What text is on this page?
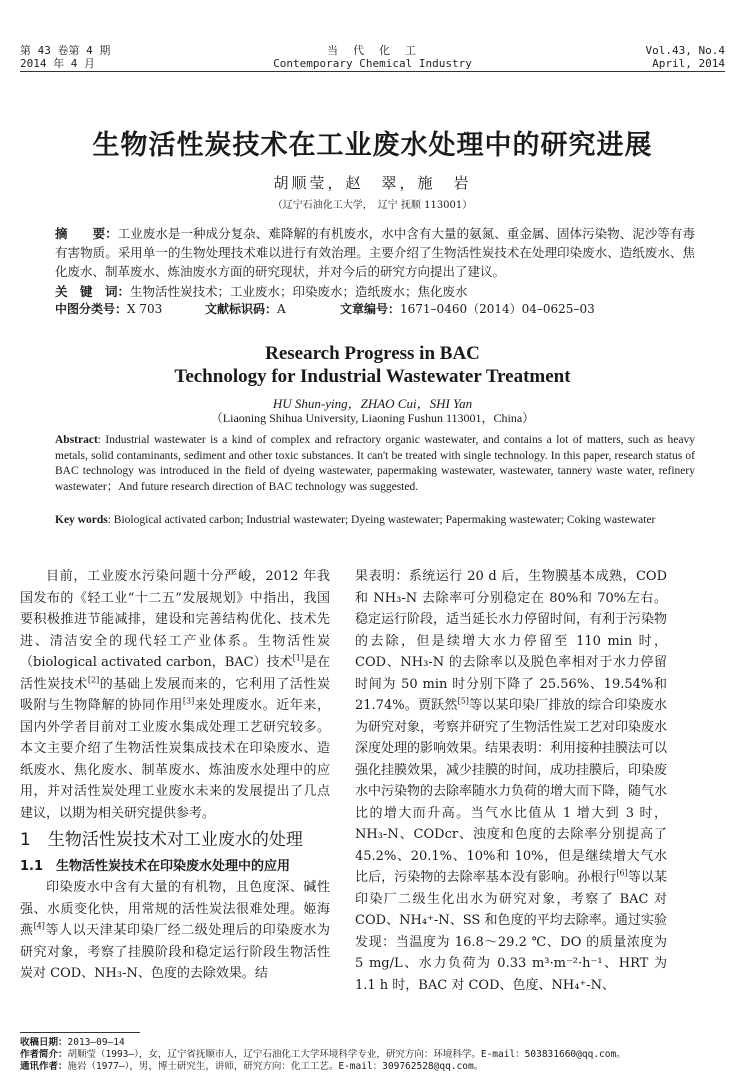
第 43 卷第 4 期
2014 年 4 月
当　代　化　工
Contemporary Chemical Industry
Vol.43, No.4
April, 2014
生物活性炭技术在工业废水处理中的研究进展
胡顺莹，赵　翠，施　岩
（辽宁石油化工大学，　辽宁 抚顺 113001）
摘　　要：工业废水是一种成分复杂、难降解的有机废水，水中含有大量的氨氮、重金属、固体污染物、泥沙等有毒有害物质。采用单一的生物处理技术难以进行有效治理。主要介绍了生物活性炭技术在处理印染废水、造纸废水、焦化废水、制革废水、炼油废水方面的研究现状，并对今后的研究方向提出了建议。
关　键　词：生物活性炭技术；工业废水；印染废水；造纸废水；焦化废水
中图分类号：X 703	文献标识码：A	文章编号：1671–0460（2014）04–0625–03
Research Progress in BAC
Technology for Industrial Wastewater Treatment
HU Shun-ying，ZHAO Cui，SHI Yan
（Liaoning Shihua University, Liaoning Fushun 113001，China）
Abstract: Industrial wastewater is a kind of complex and refractory organic wastewater, and contains a lot of matters, such as heavy metals, solid contaminants, sediment and other toxic substances. It can't be treated with single technology. In this paper, research status of BAC technology was introduced in the field of dyeing wastewater, papermaking wastewater, wastewater, tannery waste water, refinery wastewater；And future research direction of BAC technology was suggested.
Key words: Biological activated carbon; Industrial wastewater; Dyeing wastewater; Papermaking wastewater; Coking wastewater

目前，工业废水污染问题十分严峻，2012 年我国发布的《轻工业“十二五”发展规划》中指出，我国要积极推进节能减排，建设和完善结构优化、技术先进、清洁安全的现代轻工产业体系。生物活性炭（biological activated carbon，BAC）技术[1]是在活性炭技术[2]的基础上发展而来的，它利用了活性炭吸附与生物降解的协同作用[3]来处理废水。近年来，国内外学者目前对工业废水集成处理工艺研究较多。本文主要介绍了生物活性炭集成技术在印染废水、造纸废水、焦化废水、制革废水、炼油废水处理中的应用，并对活性炭处理工业废水未来的发展提出了几点建议，以期为相关研究提供参考。

1　生物活性炭技术对工业废水的处理

1.1　生物活性炭技术在印染废水处理中的应用

印染废水中含有大量的有机物，且色度深、碱性强、水质变化快，用常规的活性炭法很难处理。姬海燕[4]等人以天津某印染厂经二级处理后的印染废水为研究对象，考察了挂膜阶段和稳定运行阶段生物活性炭对 COD、NH₃-N、色度的去除效果。结

果表明：系统运行 20 d 后，生物膜基本成熟，COD 和 NH₃-N 去除率可分别稳定在 80%和 70%左右。稳定运行阶段，适当延长水力停留时间，有利于污染物的去除，但是续增大水力停留至 110 min 时，COD、NH₃-N 的去除率以及脱色率相对于水力停留时间为 50 min 时分别下降了 25.56%、19.54%和 21.74%。贾跃然[5]等以某印染厂排放的综合印染废水为研究对象，考察并研究了生物活性炭工艺对印染废水深度处理的影响效果。结果表明：利用接种挂膜法可以强化挂膜效果，减少挂膜的时间，成功挂膜后，印染废水中污染物的去除率随水力负荷的增大而下降，随气水比的增大而升高。当气水比值从 1 增大到 3 时，NH₃-N、CODcr、浊度和色度的去除率分别提高了 45.2%、20.1%、10%和 10%，但是继续增大气水比后，污染物的去除率基本没有影响。孙根行[6]等以某印染厂二级生化出水为研究对象，考察了 BAC 对 COD、NH₄⁺-N、SS 和色度的平均去除率。通过实验发现：当温度为 16.8～29.2 ℃、DO 的质量浓度为 5 mg/L、水力负荷为 0.33 m³·m⁻²·h⁻¹、HRT 为 1.1 h 时，BAC 对 COD、色度、NH₄⁺-N、

收稿日期：2013–09–14
作者简介：胡顺莹（1993–），女，辽宁省抚顺市人，辽宁石油化工大学环境科学专业，研究方向：环境科学。E-mail：503831660@qq.com。
通讯作者：施岩（1977–），男，博士研究生，讲师，研究方向：化工工艺。E-mail：309762528@qq.com。
